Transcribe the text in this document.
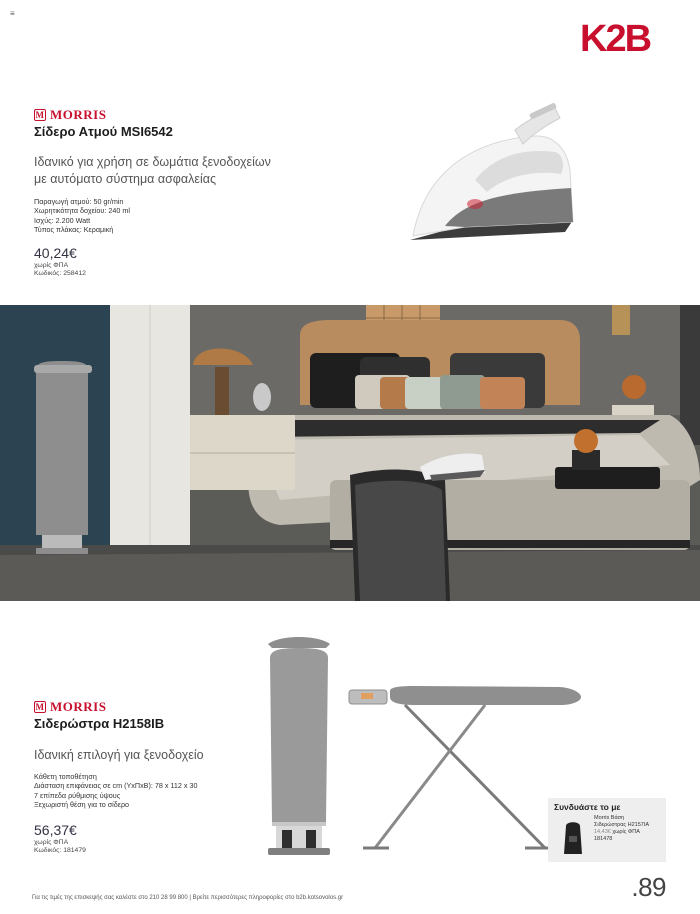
≡
K2B
M MORRIS
Σίδερο Ατμού MSI6542
Ιδανικό για χρήση σε δωμάτια ξενοδοχείων
με αυτόματο σύστημα ασφαλείας
Παραγωγή ατμού: 50 gr/min
Χωρητικότητα δοχείου: 240 ml
Ισχύς: 2.200 Watt
Τύπος πλάκας: Κεραμική
40,24€
χωρίς ΦΠΑ
Κωδικός: 258412
M MORRIS
Σιδερώστρα H2158IB
Ιδανική επιλογή για ξενοδοχείο
Κάθετη τοποθέτηση
Διάσταση επιφάνειας σε cm (ΥxΠxΒ): 78 x 112 x 30
7 επίπεδα ρύθμισης ύψους
Ξεχωριστή θέση για το σίδερο
56,37€
χωρίς ΦΠΑ
Κωδικός: 181479
Συνδυάστε το με
Morris Βάση
Σιδερώστρας H2157IA
14,43€ χωρίς ΦΠΑ
181478
Για τις τιμές της επισκεψής σας καλέστε στο 210 28 99 800 | Βρείτε περισσότερες πληροφορίες στο b2b.kotsovolos.gr	.89
